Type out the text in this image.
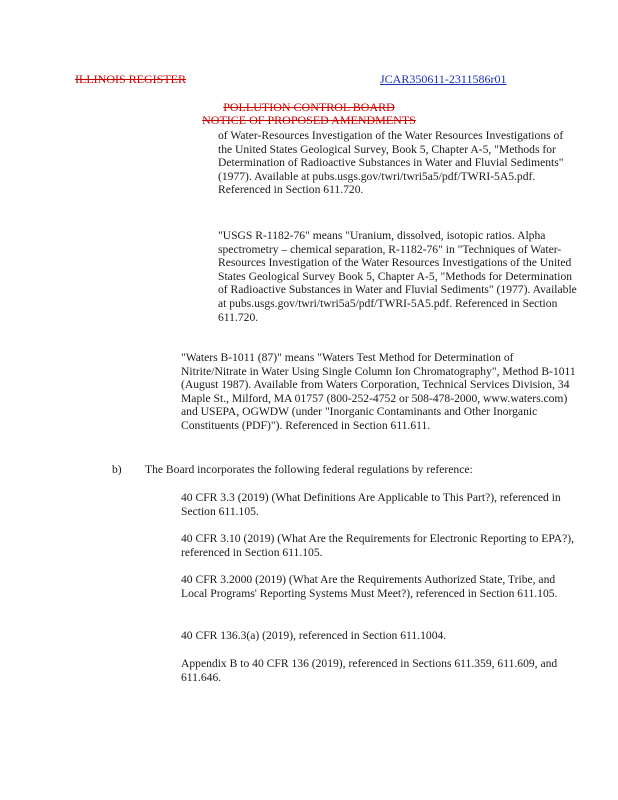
ILLINOIS REGISTER	JCAR350611-2311586r01
POLLUTION CONTROL BOARD
NOTICE OF PROPOSED AMENDMENTS
of Water-Resources Investigation of the Water Resources Investigations of the United States Geological Survey, Book 5, Chapter A-5, "Methods for Determination of Radioactive Substances in Water and Fluvial Sediments" (1977). Available at pubs.usgs.gov/twri/twri5a5/pdf/TWRI-5A5.pdf. Referenced in Section 611.720.
"USGS R-1182-76" means "Uranium, dissolved, isotopic ratios. Alpha spectrometry – chemical separation, R-1182-76" in "Techniques of Water-Resources Investigation of the Water Resources Investigations of the United States Geological Survey Book 5, Chapter A-5, "Methods for Determination of Radioactive Substances in Water and Fluvial Sediments" (1977). Available at pubs.usgs.gov/twri/twri5a5/pdf/TWRI-5A5.pdf. Referenced in Section 611.720.
"Waters B-1011 (87)" means "Waters Test Method for Determination of Nitrite/Nitrate in Water Using Single Column Ion Chromatography", Method B-1011 (August 1987). Available from Waters Corporation, Technical Services Division, 34 Maple St., Milford, MA 01757 (800-252-4752 or 508-478-2000, www.waters.com) and USEPA, OGWDW (under "Inorganic Contaminants and Other Inorganic Constituents (PDF)"). Referenced in Section 611.611.
b) The Board incorporates the following federal regulations by reference:
40 CFR 3.3 (2019) (What Definitions Are Applicable to This Part?), referenced in Section 611.105.
40 CFR 3.10 (2019) (What Are the Requirements for Electronic Reporting to EPA?), referenced in Section 611.105.
40 CFR 3.2000 (2019) (What Are the Requirements Authorized State, Tribe, and Local Programs' Reporting Systems Must Meet?), referenced in Section 611.105.
40 CFR 136.3(a) (2019), referenced in Section 611.1004.
Appendix B to 40 CFR 136 (2019), referenced in Sections 611.359, 611.609, and 611.646.
